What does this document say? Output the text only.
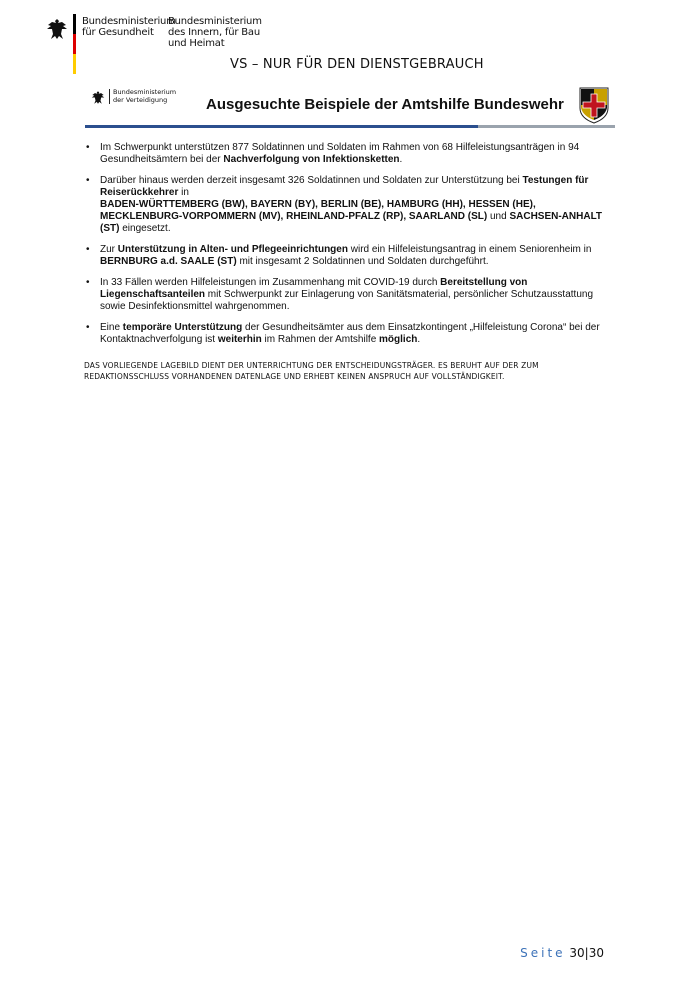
Bundesministerium
für Gesundheit
Bundesministerium
des Innern, für Bau
und Heimat
VS – NUR FÜR DEN DIENSTGEBRAUCH
Bundesministerium
der Verteidigung	Ausgesuchte Beispiele der Amtshilfe Bundeswehr
• Im Schwerpunkt unterstützen 877 Soldatinnen und Soldaten im Rahmen von 68 Hilfeleistungsanträgen in 94 Gesundheitsämtern bei der Nachverfolgung von Infektionsketten.
• Darüber hinaus werden derzeit insgesamt 326 Soldatinnen und Soldaten zur Unterstützung bei Testungen für Reiserückkehrer in
BADEN-WÜRTTEMBERG (BW), BAYERN (BY), BERLIN (BE), HAMBURG (HH), HESSEN (HE), MECKLENBURG-VORPOMMERN (MV), RHEINLAND-PFALZ (RP), SAARLAND (SL) und SACHSEN-ANHALT (ST) eingesetzt.
• Zur Unterstützung in Alten- und Pflegeeinrichtungen wird ein Hilfeleistungsantrag in einem Seniorenheim in BERNBURG a.d. SAALE (ST) mit insgesamt 2 Soldatinnen und Soldaten durchgeführt.
• In 33 Fällen werden Hilfeleistungen im Zusammenhang mit COVID-19 durch Bereitstellung von Liegenschaftsanteilen mit Schwerpunkt zur Einlagerung von Sanitätsmaterial, persönlicher Schutzausstattung sowie Desinfektionsmittel wahrgenommen.
• Eine temporäre Unterstützung der Gesundheitsämter aus dem Einsatzkontingent „Hilfeleistung Corona“ bei der Kontaktnachverfolgung ist weiterhin im Rahmen der Amtshilfe möglich.
DAS VORLIEGENDE LAGEBILD DIENT DER UNTERRICHTUNG DER ENTSCHEIDUNGSTRÄGER. ES BERUHT AUF DER ZUM REDAKTIONSSCHLUSS VORHANDENEN DATENLAGE UND ERHEBT KEINEN ANSPRUCH AUF VOLLSTÄNDIGKEIT.
Seite 30|30
